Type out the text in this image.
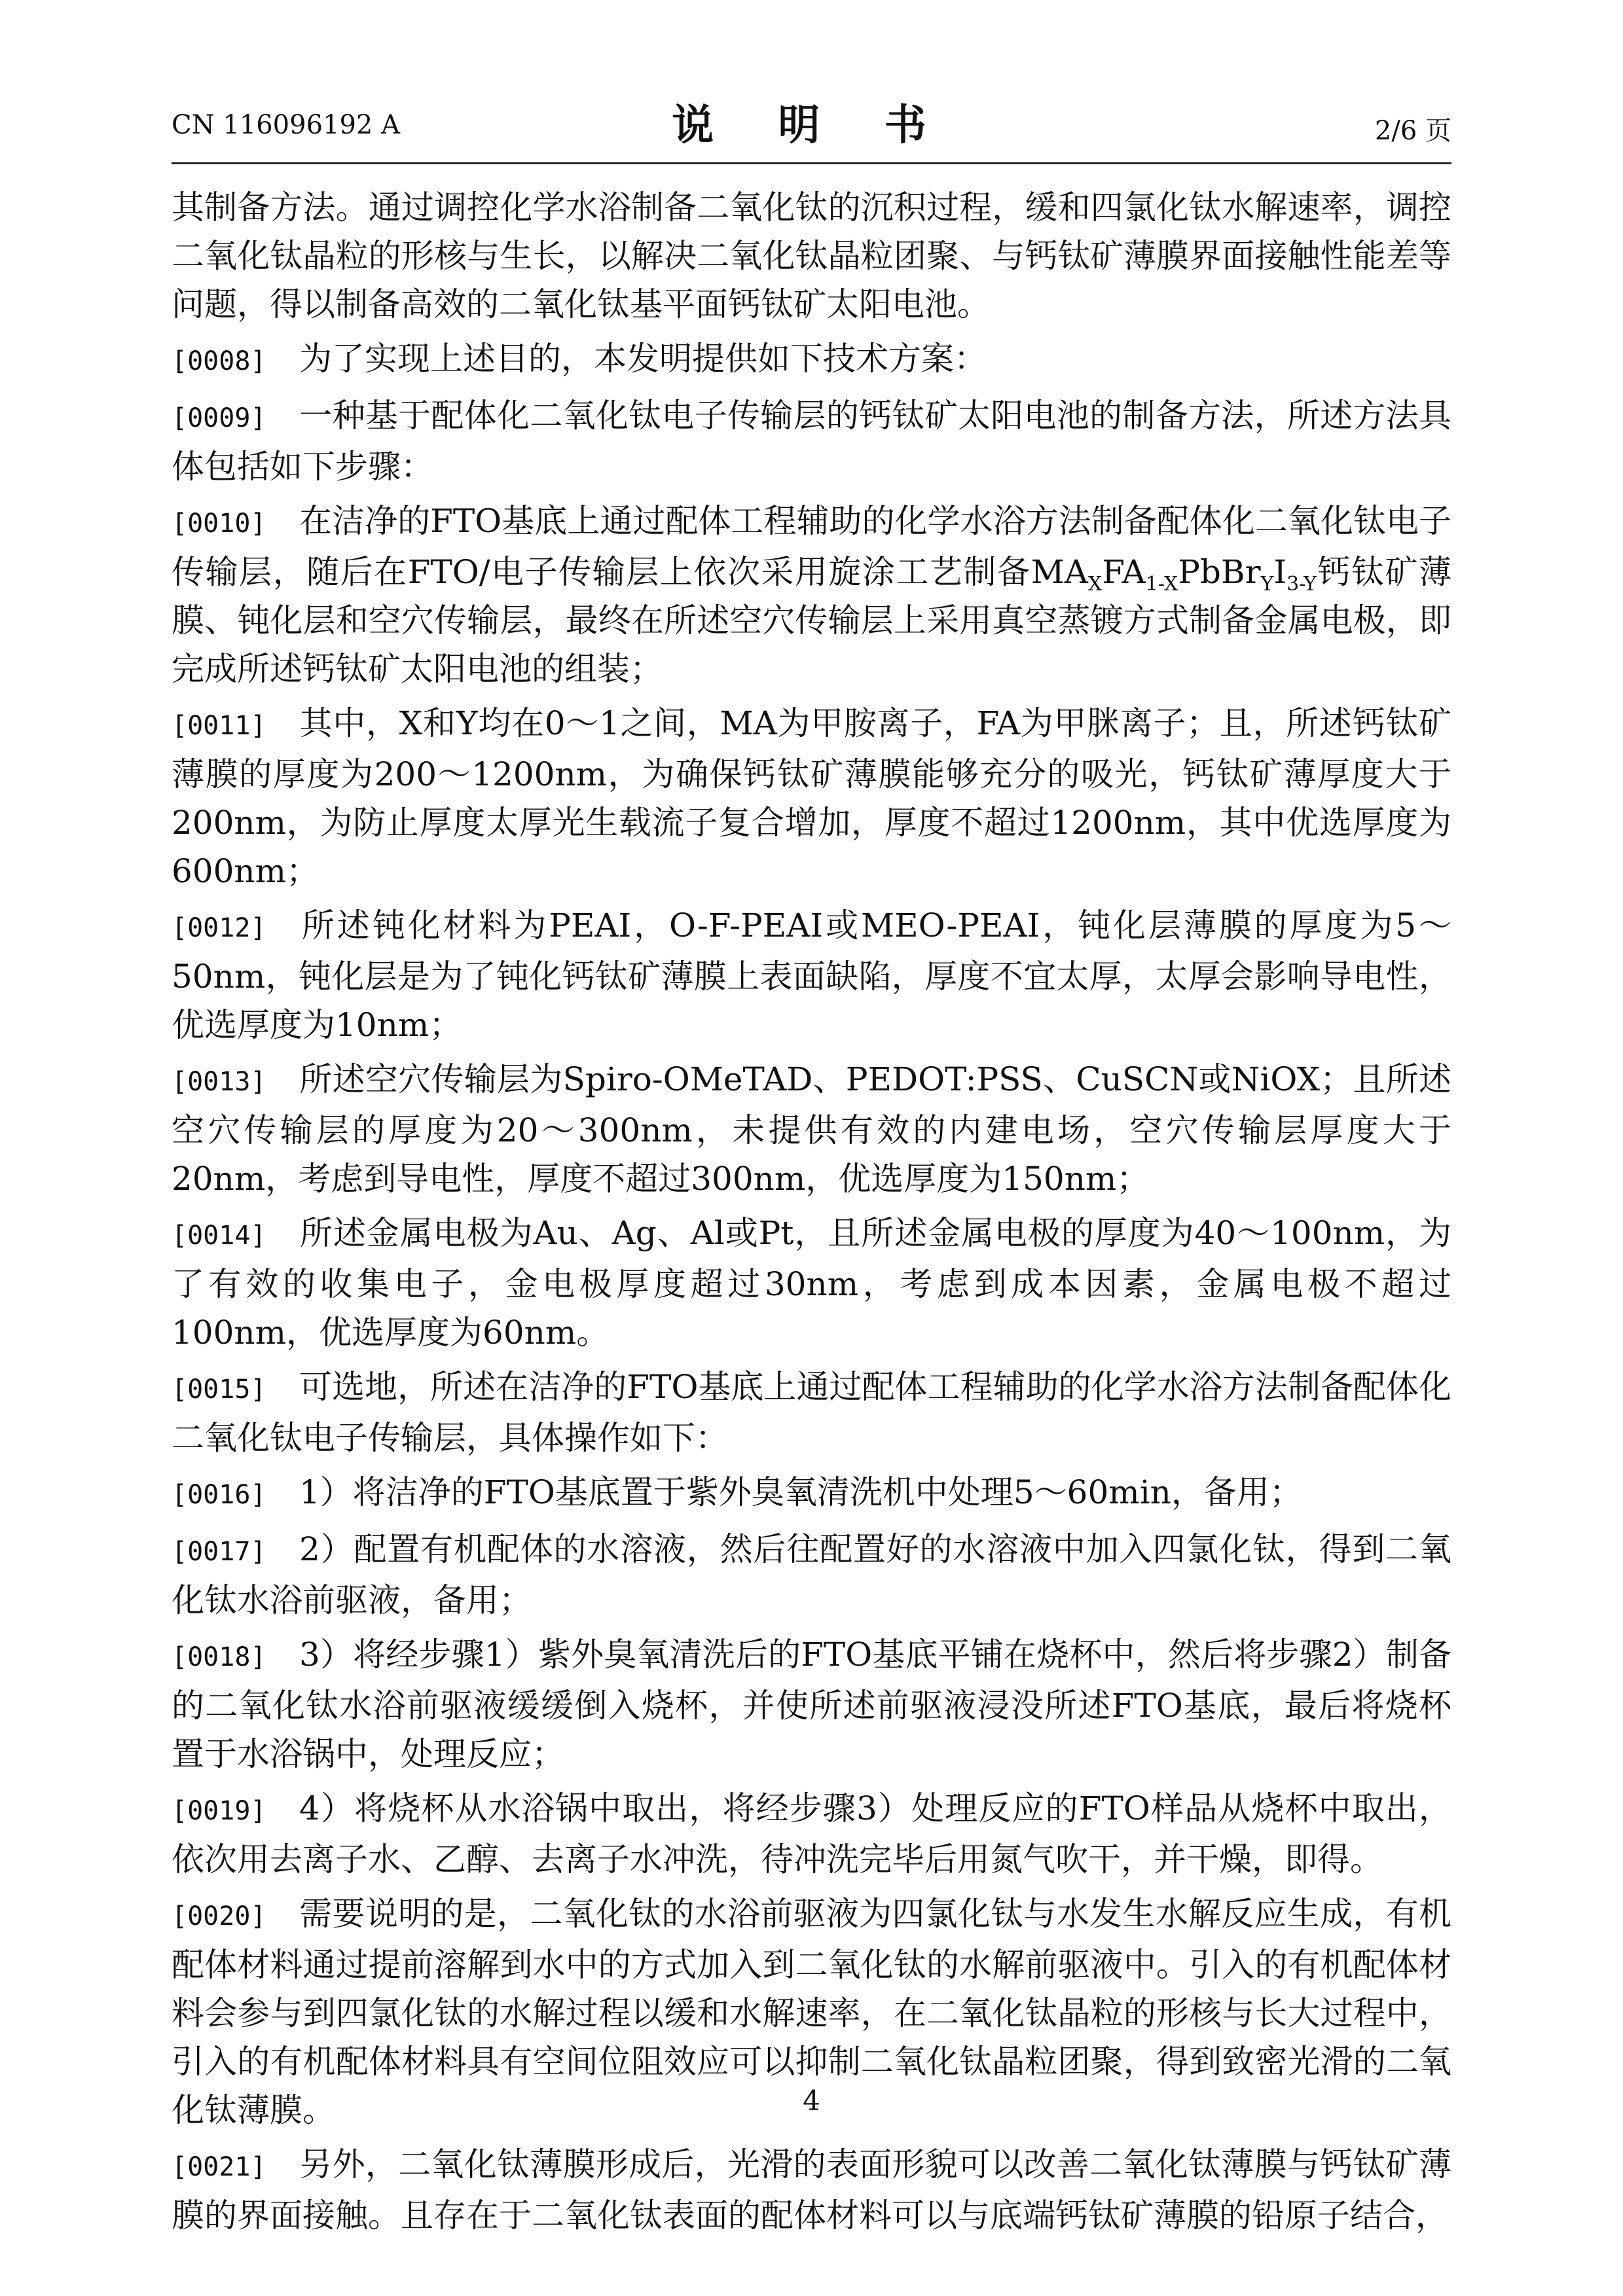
CN 116096192 A	说 明 书	2/6 页

其制备方法。通过调控化学水浴制备二氧化钛的沉积过程，缓和四氯化钛水解速率，调控二氧化钛晶粒的形核与生长，以解决二氧化钛晶粒团聚、与钙钛矿薄膜界面接触性能差等问题，得以制备高效的二氧化钛基平面钙钛矿太阳电池。

[0008] 为了实现上述目的，本发明提供如下技术方案：

[0009] 一种基于配体化二氧化钛电子传输层的钙钛矿太阳电池的制备方法，所述方法具体包括如下步骤：

[0010] 在洁净的FTO基底上通过配体工程辅助的化学水浴方法制备配体化二氧化钛电子传输层，随后在FTO/电子传输层上依次采用旋涂工艺制备$MA_XFA_{1-X}PbBr_YI_{3-Y}$钙钛矿薄膜、钝化层和空穴传输层，最终在所述空穴传输层上采用真空蒸镀方式制备金属电极，即完成所述钙钛矿太阳电池的组装；

[0011] 其中，X和Y均在0～1之间，MA为甲胺离子，FA为甲脒离子；且，所述钙钛矿薄膜的厚度为200～1200nm，为确保钙钛矿薄膜能够充分的吸光，钙钛矿薄厚度大于200nm，为防止厚度太厚光生载流子复合增加，厚度不超过1200nm，其中优选厚度为600nm；

[0012] 所述钝化材料为PEAI，O-F-PEAI或MEO-PEAI，钝化层薄膜的厚度为5～50nm，钝化层是为了钝化钙钛矿薄膜上表面缺陷，厚度不宜太厚，太厚会影响导电性，优选厚度为10nm；

[0013] 所述空穴传输层为Spiro-OMeTAD、PEDOT:PSS、CuSCN或NiOX；且所述空穴传输层的厚度为20～300nm，未提供有效的内建电场，空穴传输层厚度大于20nm，考虑到导电性，厚度不超过300nm，优选厚度为150nm；

[0014] 所述金属电极为Au、Ag、Al或Pt，且所述金属电极的厚度为40～100nm，为了有效的收集电子，金电极厚度超过30nm，考虑到成本因素，金属电极不超过100nm，优选厚度为60nm。

[0015] 可选地，所述在洁净的FTO基底上通过配体工程辅助的化学水浴方法制备配体化二氧化钛电子传输层，具体操作如下：

[0016] 1）将洁净的FTO基底置于紫外臭氧清洗机中处理5～60min，备用；

[0017] 2）配置有机配体的水溶液，然后往配置好的水溶液中加入四氯化钛，得到二氧化钛水浴前驱液，备用；

[0018] 3）将经步骤1）紫外臭氧清洗后的FTO基底平铺在烧杯中，然后将步骤2）制备的二氧化钛水浴前驱液缓缓倒入烧杯，并使所述前驱液浸没所述FTO基底，最后将烧杯置于水浴锅中，处理反应；

[0019] 4）将烧杯从水浴锅中取出，将经步骤3）处理反应的FTO样品从烧杯中取出，依次用去离子水、乙醇、去离子水冲洗，待冲洗完毕后用氮气吹干，并干燥，即得。

[0020] 需要说明的是，二氧化钛的水浴前驱液为四氯化钛与水发生水解反应生成，有机配体材料通过提前溶解到水中的方式加入到二氧化钛的水解前驱液中。引入的有机配体材料会参与到四氯化钛的水解过程以缓和水解速率，在二氧化钛晶粒的形核与长大过程中，引入的有机配体材料具有空间位阻效应可以抑制二氧化钛晶粒团聚，得到致密光滑的二氧化钛薄膜。

[0021] 另外，二氧化钛薄膜形成后，光滑的表面形貌可以改善二氧化钛薄膜与钙钛矿薄膜的界面接触。且存在于二氧化钛表面的配体材料可以与底端钙钛矿薄膜的铅原子结合，

4
